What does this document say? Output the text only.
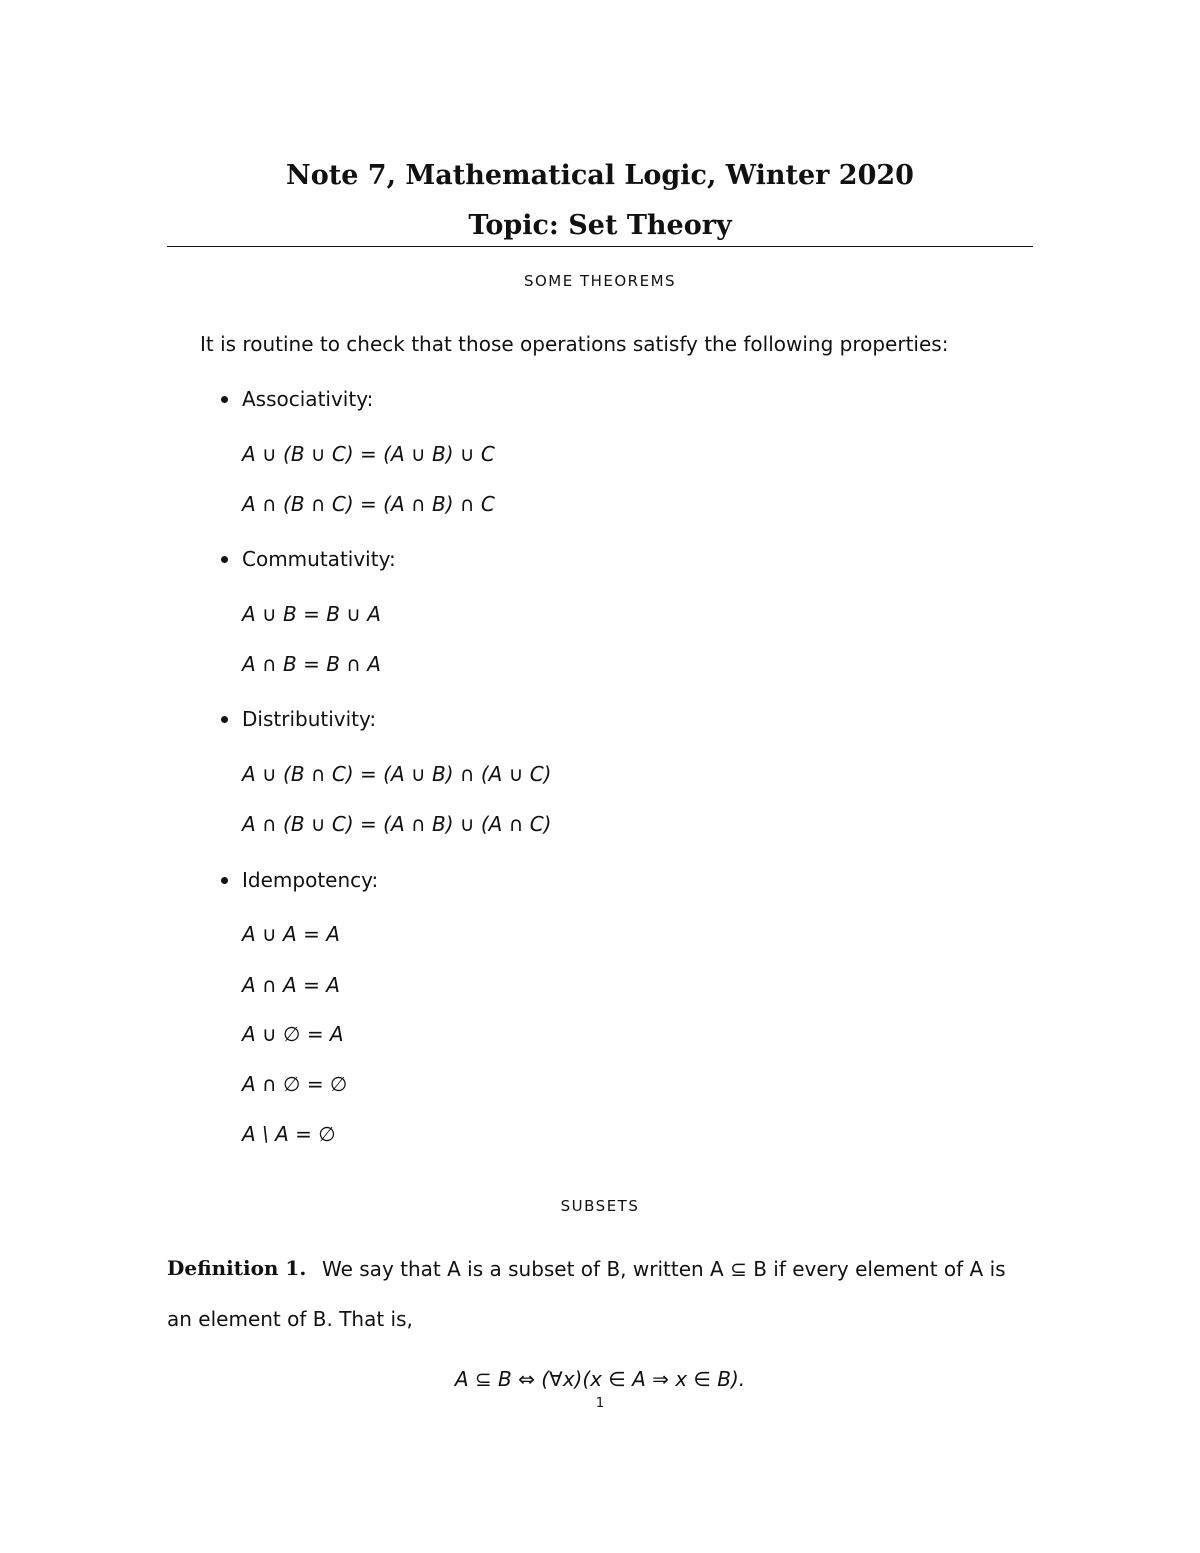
Note 7, Mathematical Logic, Winter 2020
Topic: Set Theory
SOME THEOREMS
It is routine to check that those operations satisfy the following properties:
Associativity:
A ∪ (B ∪ C) = (A ∪ B) ∪ C
A ∩ (B ∩ C) = (A ∩ B) ∩ C
Commutativity:
A ∪ B = B ∪ A
A ∩ B = B ∩ A
Distributivity:
A ∪ (B ∩ C) = (A ∪ B) ∩ (A ∪ C)
A ∩ (B ∪ C) = (A ∩ B) ∪ (A ∩ C)
Idempotency:
A ∪ A = A
A ∩ A = A
A ∪ ∅ = A
A ∩ ∅ = ∅
A \ A = ∅
SUBSETS
Definition 1. We say that A is a subset of B, written A ⊆ B if every element of A is
an element of B. That is,
A ⊆ B ⇔ (∀x)(x ∈ A ⇒ x ∈ B).
1
